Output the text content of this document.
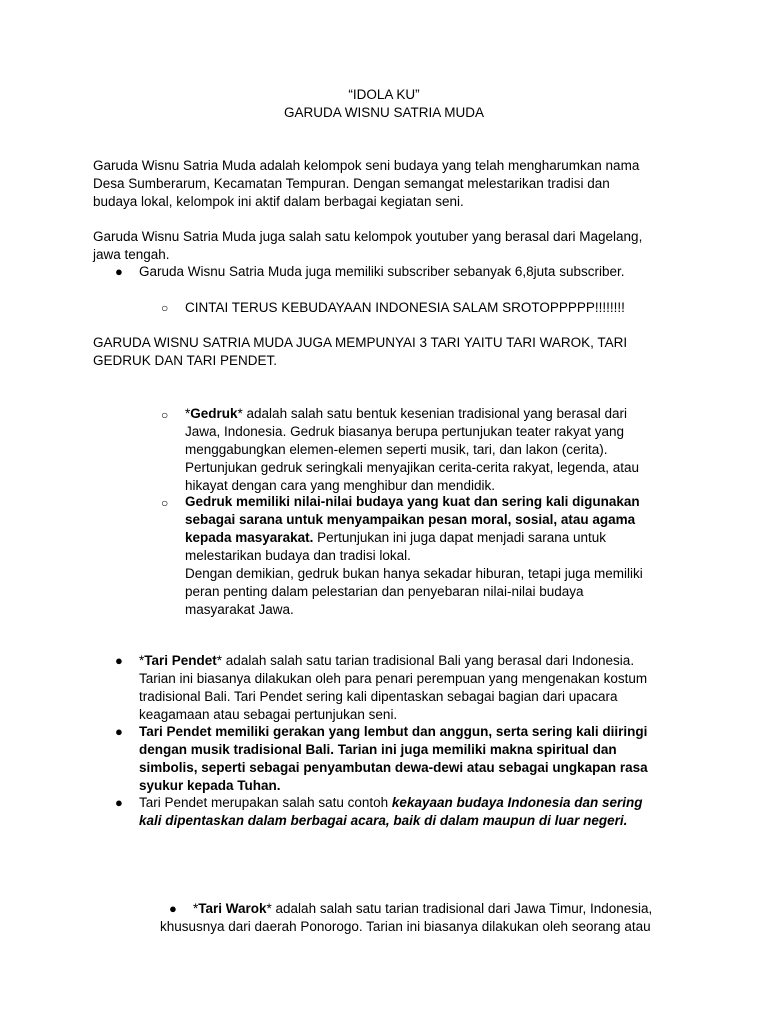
“IDOLA KU”
GARUDA WISNU SATRIA MUDA
Garuda Wisnu Satria Muda adalah kelompok seni budaya yang telah mengharumkan nama
Desa Sumberarum, Kecamatan Tempuran. Dengan semangat melestarikan tradisi dan
budaya lokal, kelompok ini aktif dalam berbagai kegiatan seni.
Garuda Wisnu Satria Muda juga salah satu kelompok youtuber yang berasal dari Magelang,
jawa tengah.
● Garuda Wisnu Satria Muda juga memiliki subscriber sebanyak 6,8juta subscriber.
○ CINTAI TERUS KEBUDAYAAN INDONESIA SALAM SROTOPPPPP!!!!!!!!
GARUDA WISNU SATRIA MUDA JUGA MEMPUNYAI 3 TARI YAITU TARI WAROK, TARI
GEDRUK DAN TARI PENDET.
○ *Gedruk* adalah salah satu bentuk kesenian tradisional yang berasal dari
Jawa, Indonesia. Gedruk biasanya berupa pertunjukan teater rakyat yang
menggabungkan elemen-elemen seperti musik, tari, dan lakon (cerita).
Pertunjukan gedruk seringkali menyajikan cerita-cerita rakyat, legenda, atau
hikayat dengan cara yang menghibur dan mendidik.
○ Gedruk memiliki nilai-nilai budaya yang kuat dan sering kali digunakan
sebagai sarana untuk menyampaikan pesan moral, sosial, atau agama
kepada masyarakat. Pertunjukan ini juga dapat menjadi sarana untuk
melestarikan budaya dan tradisi lokal.
Dengan demikian, gedruk bukan hanya sekadar hiburan, tetapi juga memiliki
peran penting dalam pelestarian dan penyebaran nilai-nilai budaya
masyarakat Jawa.
● *Tari Pendet* adalah salah satu tarian tradisional Bali yang berasal dari Indonesia.
Tarian ini biasanya dilakukan oleh para penari perempuan yang mengenakan kostum
tradisional Bali. Tari Pendet sering kali dipentaskan sebagai bagian dari upacara
keagamaan atau sebagai pertunjukan seni.
● Tari Pendet memiliki gerakan yang lembut dan anggun, serta sering kali diiringi
dengan musik tradisional Bali. Tarian ini juga memiliki makna spiritual dan
simbolis, seperti sebagai penyambutan dewa-dewi atau sebagai ungkapan rasa
syukur kepada Tuhan.
● Tari Pendet merupakan salah satu contoh kekayaan budaya Indonesia dan sering
kali dipentaskan dalam berbagai acara, baik di dalam maupun di luar negeri.
● *Tari Warok* adalah salah satu tarian tradisional dari Jawa Timur, Indonesia,
khususnya dari daerah Ponorogo. Tarian ini biasanya dilakukan oleh seorang atau
